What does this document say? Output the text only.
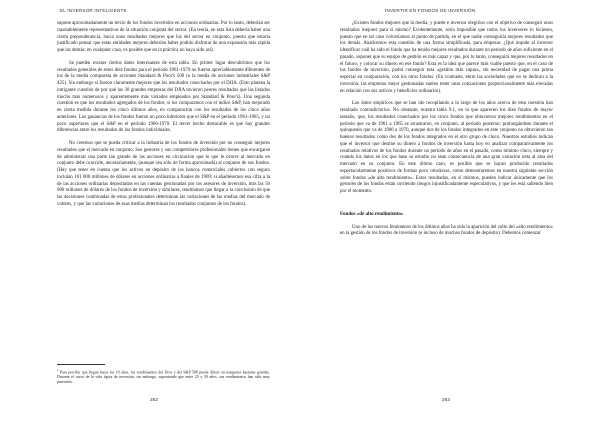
EL INVERSOR INTELIGENTE

supone aproximadamente un tercio de los fondos invertidos en acciones ordinarias. Por lo tanto, deberían ser razonablemente representativas de la situación conjunta del sector. (En teoría, en esta lista debería haber una cierta preponderancia, hacia unos resultados mejores que los del sector en conjunto, puesto que estaría justificado pensar que estas entidades mejores deberían haber podido disfrutar de una expansión más rápida que las demás; en cualquier caso, es posible que en la práctica no haya sido así).

Se pueden extraer ciertos datos interesantes de esta tabla. En primer lugar descubrimos que los resultados generales de estos diez fondos para el período 1961-1970 no fueron apreciablemente diferentes de los de la media compuesta de acciones Standard & Poor's 500 (o la media de acciones industriales S&P 425). Sin embargo sí fueron claramente mejores que los resultados cosechados por el DJIA. (Esto plantea la intrigante cuestión de por qué las 30 grandes empresas del DJIA tuvieron peores resultados que las listados mucho más numerosos y aparentemente más variados empleados por Standard & Poor's). Una segunda cuestión es que los resultados agregados de los fondos, si los comparamos con el índice S&P, han mejorado en cierta medida durante los cinco últimos años, en comparación con los resultados de los cinco años anteriores. Los ganancias de los fondos fueron un poco inferiores que el S&P en el período 1961-1965, y un poco superiores que el S&P en el período 1966-1970. El tercer hecho destacable es que hay grandes diferencias entre los resultados de los fondos individuales.

No creemos que se pueda criticar a la industria de los fondos de inversión por no conseguir mejores resultados que el mercado en conjunto. Sus gestores y sus competidores profesionales tienen que encargarse de administrar una parte tan grande de las acciones en circulación que lo que le ocurre al mercado en conjunto debe ocurrirle, necesariamente, (aunque sea sólo de forma aproximada) al conjunto de sus fondos. (Hay que tener en cuenta que los activos en depósito de los bancos comerciales cubiertos con seguro incluían 181 000 millones de dólares en acciones ordinarias a finales de 1969; si añadiésemos esa cifra a la de las acciones ordinarias depositadas en las cuentas gestionadas por los asesores de inversión, más las 56 000 millones de dólares de los fondos de inversión y similares, tendríamos que llegar a la conclusión de que las decisiones combinadas de estos profesionales determinan las variaciones de las medias del mercado de valores, y que las variaciones de esas medias determinan los resultados conjuntos de los fondos).

$^1$ Para percibir que llegan hacia los 10 años, los rendimientos del Dow y del S&P 500 puede diferir en márgenes bastante grandes. Durante el curso de la vida típica de inversión, sin embargo, suponiendo que entre 25 y 50 años, sus rendimientos han sido muy parecidos.
262
INVERTIR EN FONDOS DE INVERSIÓN

¿Existen fondos mejores que la media, y puede e inversor elegirlos con el objetivo de conseguir unos resultados mejores para sí mismo? Evidentemente, sería imposible que todos los inversores lo hiciesen, puesto que en tal caso volveríamos al punto de partida, en el que nadie conseguiría mejores resultados que los demás. Analicemos esta cuestión de una forma simplificada, para empezar. ¿Qué impide al inversor identificar cuál ha sido el fondo que ha tenido mejores resultados durante un período de años suficiente en el pasado, suponer que su equipo de gestión es más capaz y que, por lo tanto, conseguirá mejores resultados en el futuro, y colocar su dinero en ese fondo? Esta es la idea que parece más viable puesto que, en el caso de los fondos de inversión, podrá conseguir esta «gestión más capaz», sin necesidad de pagar una prima especial en comparación, con los otros fondos. (En contraste, entre las sociedades que no se dedican a la inversión, las empresas mejor gestionadas suelen tener unas cotizaciones proporcionalmente más elevadas en relación con sus activos y beneficios ordinarios).

Los datos empíricos que se han ido recopilando a lo largo de los años acerca de esta cuestión han resultado contradictorios. No obstante, nuestra tabla 9.1, en la que aparecen los diez fondos de mayor tamaño, que, los resultados cosechados por los cinco fondos que obtuvieron mejores rendimientos en el período que va de 1961 a 1965 se arrastraron, en conjunto, al período posterior, prolongándose durante el quinquenio que va de 1966 a 1970, aunque dos de los fondos integrados en este conjunto no obtuvieron tan buenos resultados como dos de los fondos integrados en el otro grupo de cinco. Nuestros estudios indican que el inversor que destine su dinero a fondos de inversión hasta hoy en analizar comparativamente los resultados relativos de los fondos durante un período de años en el pasado, como mínimo cinco, siempre y cuando los datos en los que base su estudio no sean consecuencia de una gran variación neta al alza del mercado en su conjunto. En este último caso, es posible que se hayan producido resultados espectacularmente positivos de formas poco ortodoxas, como demostraremos en nuestra siguiente sección sobre fondos «de alto rendimiento». Estos resultados, en sí mismos, pueden indicar únicamente que los gestores de los fondos están corriendo riesgos injustificadamente especulativos, y que les está saliendo bien por el momento.

Fondos «de alto rendimiento»

Uno de los nuevos fenómenos de los últimos años ha sido la aparición del culto del «alto rendimiento» en la gestión de los fondos de inversión (e incluso de muchos fondos de depósito). Debemos comenzar

263
